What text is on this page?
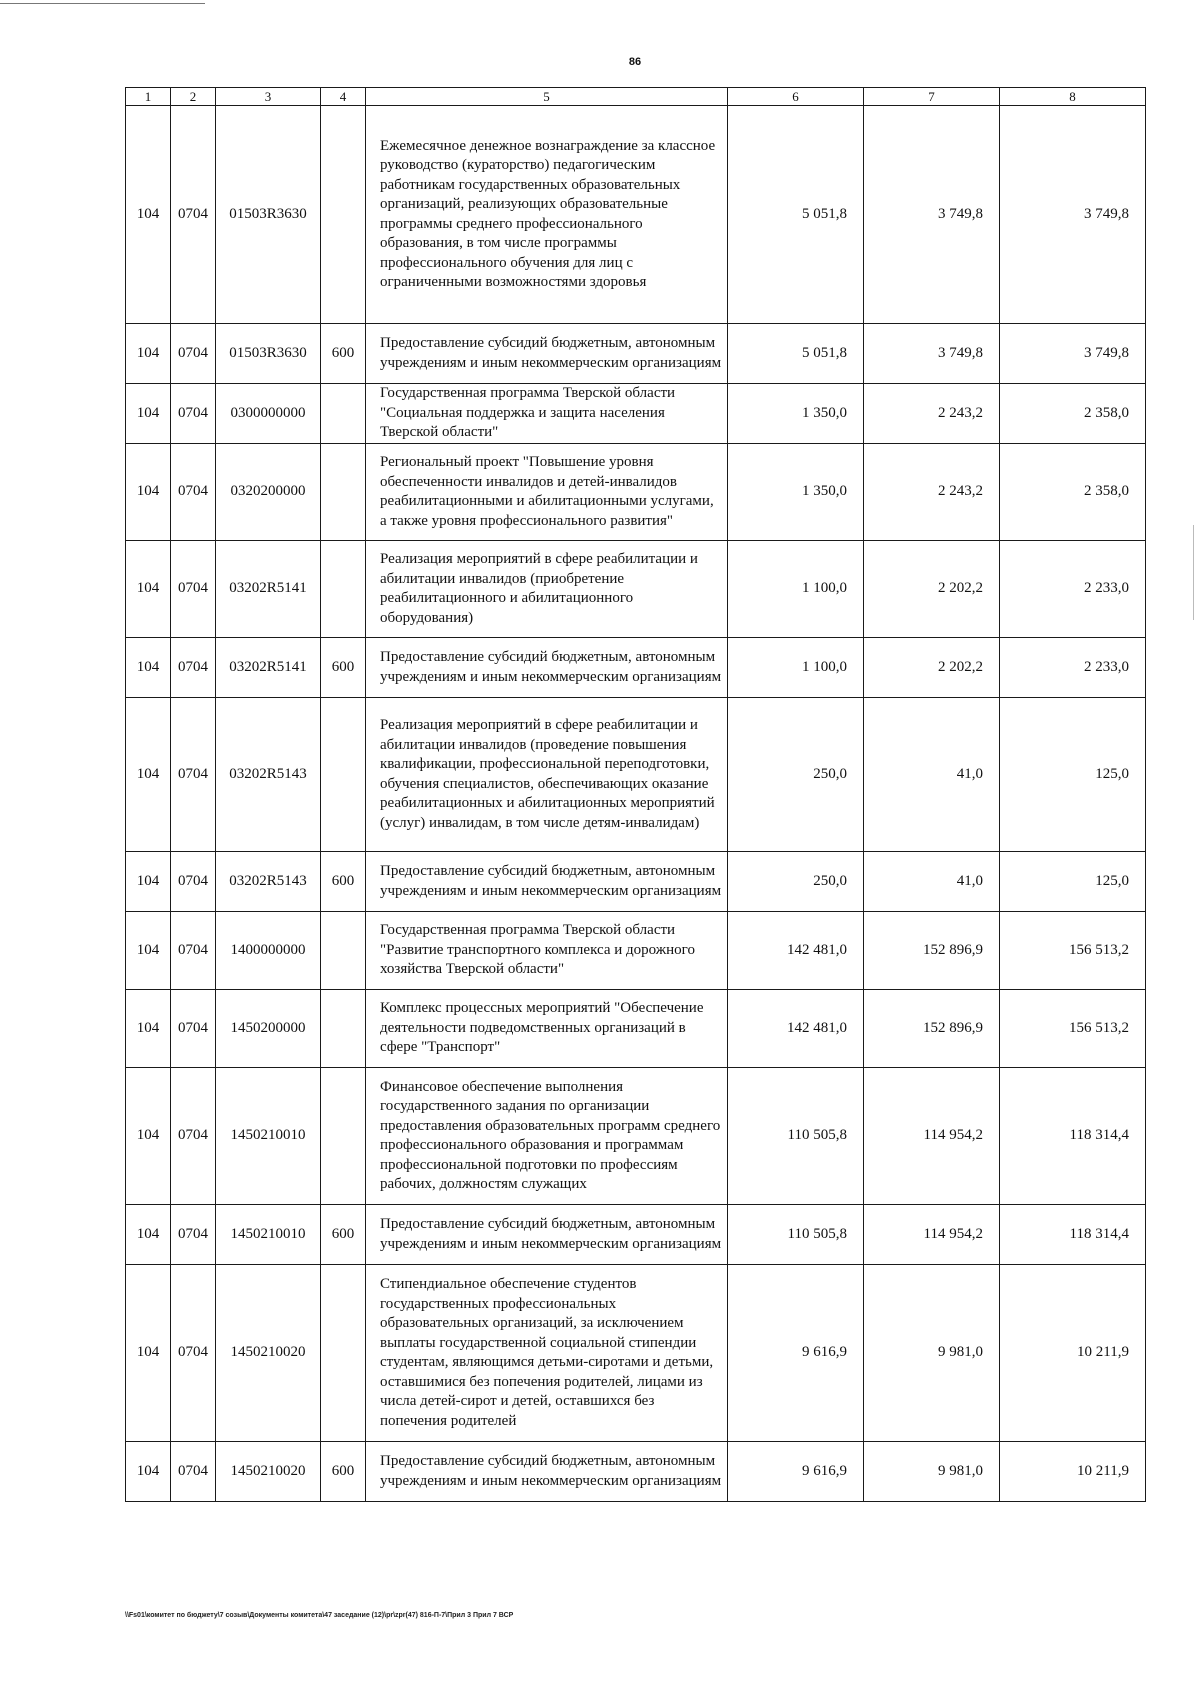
86
1	2	3	4	5	6	7	8
104	0704	01503R3630		Ежемесячное денежное вознаграждение за классное руководство (кураторство) педагогическим работникам государственных образовательных организаций, реализующих образовательные программы среднего профессионального образования, в том числе программы профессионального обучения для лиц с ограниченными возможностями здоровья	5 051,8	3 749,8	3 749,8
104	0704	01503R3630	600	Предоставление субсидий бюджетным, автономным учреждениям и иным некоммерческим организациям	5 051,8	3 749,8	3 749,8
104	0704	0300000000		Государственная программа Тверской области "Социальная поддержка и защита населения Тверской области"	1 350,0	2 243,2	2 358,0
104	0704	0320200000		Региональный проект "Повышение уровня обеспеченности инвалидов и детей-инвалидов реабилитационными и абилитационными услугами, а также уровня профессионального развития"	1 350,0	2 243,2	2 358,0
104	0704	03202R5141		Реализация мероприятий в сфере реабилитации и абилитации инвалидов (приобретение реабилитационного и абилитационного оборудования)	1 100,0	2 202,2	2 233,0
104	0704	03202R5141	600	Предоставление субсидий бюджетным, автономным учреждениям и иным некоммерческим организациям	1 100,0	2 202,2	2 233,0
104	0704	03202R5143		Реализация мероприятий в сфере реабилитации и абилитации инвалидов (проведение повышения квалификации, профессиональной переподготовки, обучения специалистов, обеспечивающих оказание реабилитационных и абилитационных мероприятий (услуг) инвалидам, в том числе детям-инвалидам)	250,0	41,0	125,0
104	0704	03202R5143	600	Предоставление субсидий бюджетным, автономным учреждениям и иным некоммерческим организациям	250,0	41,0	125,0
104	0704	1400000000		Государственная программа Тверской области "Развитие транспортного комплекса и дорожного хозяйства Тверской области"	142 481,0	152 896,9	156 513,2
104	0704	1450200000		Комплекс процессных мероприятий "Обеспечение деятельности подведомственных организаций в сфере "Транспорт"	142 481,0	152 896,9	156 513,2
104	0704	1450210010		Финансовое обеспечение выполнения государственного задания по организации предоставления образовательных программ среднего профессионального образования и программам профессиональной подготовки по профессиям рабочих, должностям служащих	110 505,8	114 954,2	118 314,4
104	0704	1450210010	600	Предоставление субсидий бюджетным, автономным учреждениям и иным некоммерческим организациям	110 505,8	114 954,2	118 314,4
104	0704	1450210020		Стипендиальное обеспечение студентов государственных профессиональных образовательных организаций, за исключением выплаты государственной социальной стипендии студентам, являющимся детьми-сиротами и детьми, оставшимися без попечения родителей, лицами из числа детей-сирот и детей, оставшихся без попечения родителей	9 616,9	9 981,0	10 211,9
104	0704	1450210020	600	Предоставление субсидий бюджетным, автономным учреждениям и иным некоммерческим организациям	9 616,9	9 981,0	10 211,9
\\Fs01\комитет по бюджету\7 созыв\Документы комитета\47 заседание (12)\pr\zpr(47) 816-П-7\Прил 3 Прил 7 ВСР
